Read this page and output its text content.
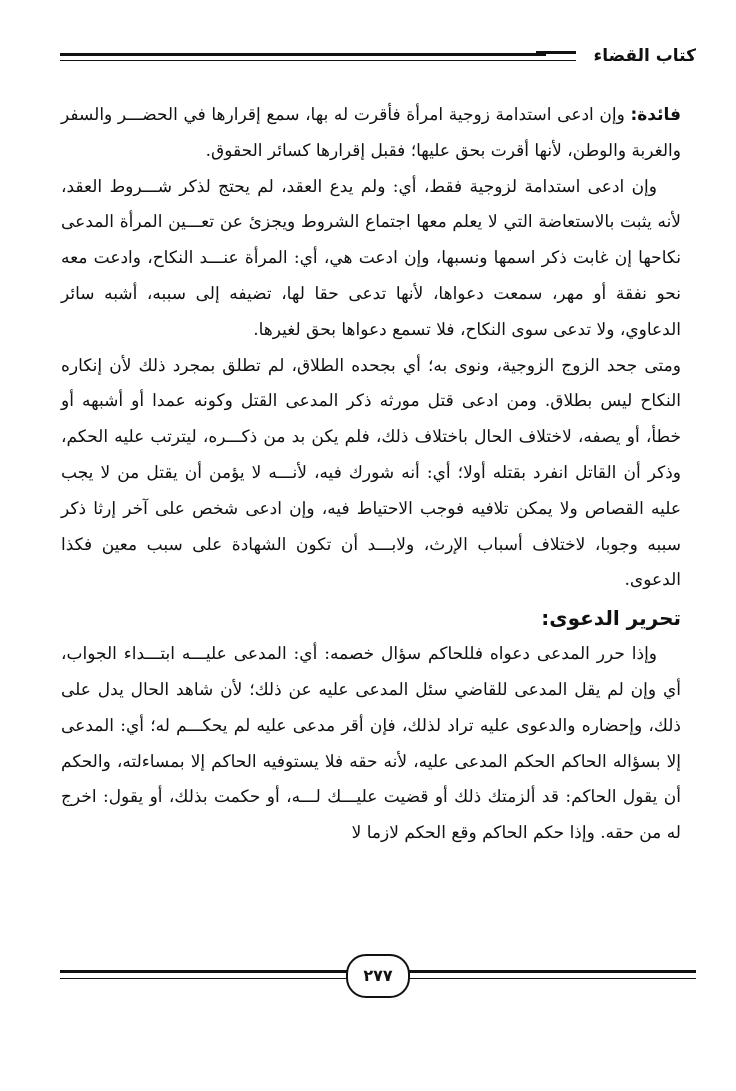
كتاب القضاء

فائدة: وإن ادعى استدامة زوجية امرأة فأقرت له بها، سمع إقرارها في الحضـــر والسفر والغربة والوطن، لأنها أقرت بحق عليها؛ فقبل إقرارها كسائر الحقوق.

وإن ادعى استدامة لزوجية فقط، أي: ولم يدع العقد، لم يحتج لذكر شـــروط العقد، لأنه يثبت بالاستعاضة التي لا يعلم معها اجتماع الشروط ويجزئ عن تعـــين المرأة المدعى نكاحها إن غابت ذكر اسمها ونسبها، وإن ادعت هي، أي: المرأة عنـــد النكاح، وادعت معه نحو نفقة أو مهر، سمعت دعواها، لأنها تدعى حقا لها، تضيفه إلى سببه، أشبه سائر الدعاوي، ولا تدعى سوى النكاح، فلا تسمع دعواها بحق لغيرها.

ومتى جحد الزوج الزوجية، ونوى به؛ أي بجحده الطلاق، لم تطلق بمجرد ذلك لأن إنكاره النكاح ليس بطلاق. ومن ادعى قتل مورثه ذكر المدعى القتل وكونه عمدا أو أشبهه أو خطأ، أو يصفه، لاختلاف الحال باختلاف ذلك، فلم يكن بد من ذكـــره، ليترتب عليه الحكم، وذكر أن القاتل انفرد بقتله أولا؛ أي: أنه شورك فيه، لأنـــه لا يؤمن أن يقتل من لا يجب عليه القصاص ولا يمكن تلافيه فوجب الاحتياط فيه، وإن ادعى شخص على آخر إرثا ذكر سببه وجوبا، لاختلاف أسباب الإرث، ولابـــد أن تكون الشهادة على سبب معين فكذا الدعوى.

تحرير الدعوى:

وإذا حرر المدعى دعواه فللحاكم سؤال خصمه: أي: المدعى عليـــه ابتـــداء الجواب، أي وإن لم يقل المدعى للقاضي سئل المدعى عليه عن ذلك؛ لأن شاهد الحال يدل على ذلك، وإحضاره والدعوى عليه تراد لذلك، فإن أقر مدعى عليه لم يحكـــم له؛ أي: المدعى إلا بسؤاله الحاكم الحكم المدعى عليه، لأنه حقه فلا يستوفيه الحاكم إلا بمساءلته، والحكم أن يقول الحاكم: قد ألزمتك ذلك أو قضيت عليـــك لـــه، أو حكمت بذلك، أو يقول: اخرج له من حقه. وإذا حكم الحاكم وقع الحكم لازما لا

٢٧٧
